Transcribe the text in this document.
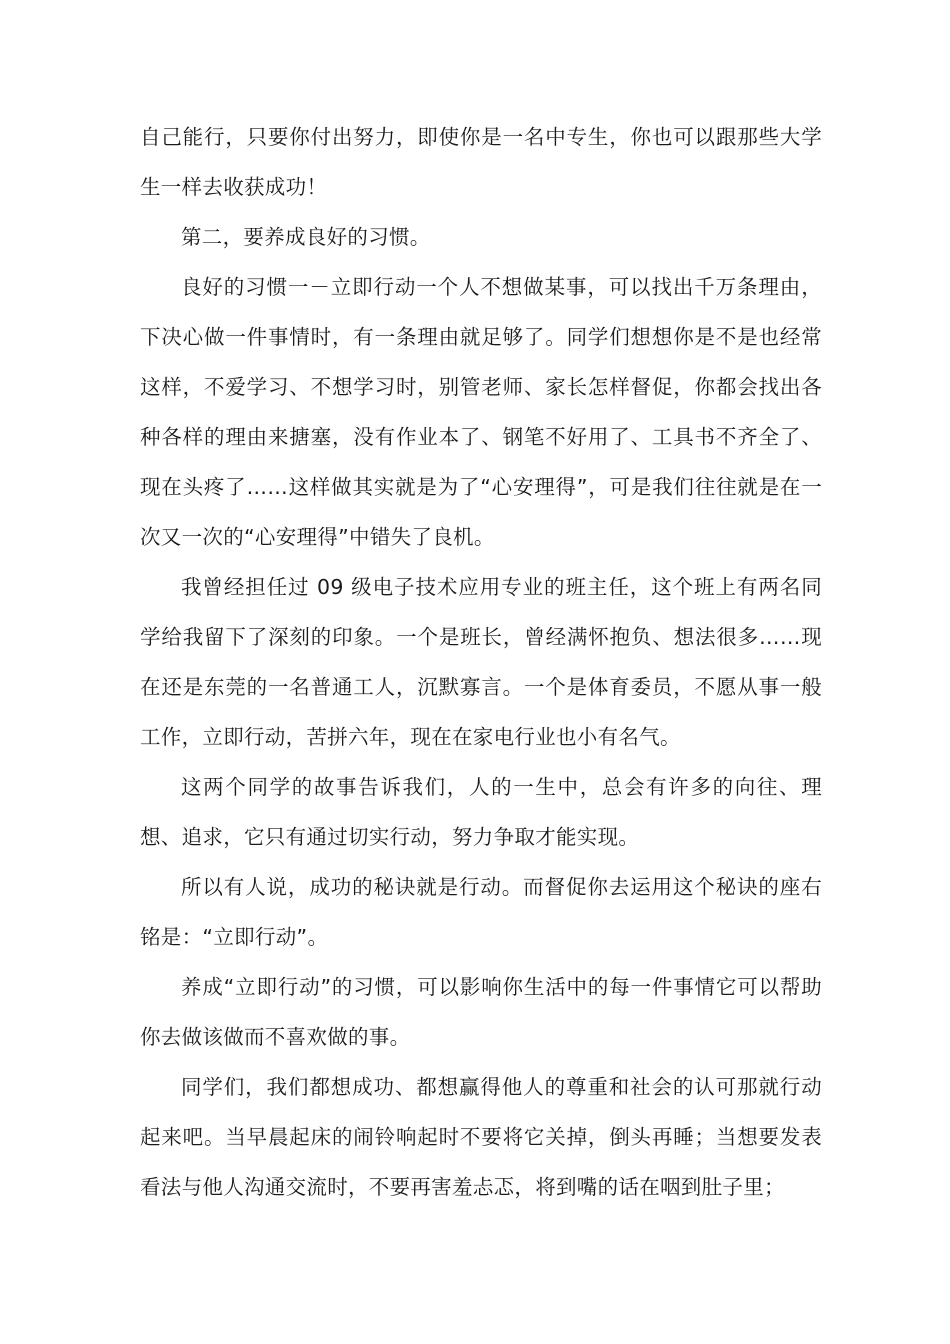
自己能行，只要你付出努力，即使你是一名中专生，你也可以跟那些大学生一样去收获成功！

第二，要养成良好的习惯。

良好的习惯一－立即行动一个人不想做某事，可以找出千万条理由，下决心做一件事情时，有一条理由就足够了。同学们想想你是不是也经常这样，不爱学习、不想学习时，别管老师、家长怎样督促，你都会找出各种各样的理由来搪塞，没有作业本了、钢笔不好用了、工具书不齐全了、现在头疼了……这样做其实就是为了“心安理得”，可是我们往往就是在一次又一次的“心安理得”中错失了良机。

我曾经担任过 09 级电子技术应用专业的班主任，这个班上有两名同学给我留下了深刻的印象。一个是班长，曾经满怀抱负、想法很多……现在还是东莞的一名普通工人，沉默寡言。一个是体育委员，不愿从事一般工作，立即行动，苦拼六年，现在在家电行业也小有名气。

这两个同学的故事告诉我们，人的一生中，总会有许多的向往、理想、追求，它只有通过切实行动，努力争取才能实现。

所以有人说，成功的秘诀就是行动。而督促你去运用这个秘诀的座右铭是：“立即行动”。

养成“立即行动”的习惯，可以影响你生活中的每一件事情它可以帮助你去做该做而不喜欢做的事。

同学们，我们都想成功、都想赢得他人的尊重和社会的认可那就行动起来吧。当早晨起床的闹铃响起时不要将它关掉，倒头再睡；当想要发表看法与他人沟通交流时，不要再害羞忐忑，将到嘴的话在咽到肚子里；
